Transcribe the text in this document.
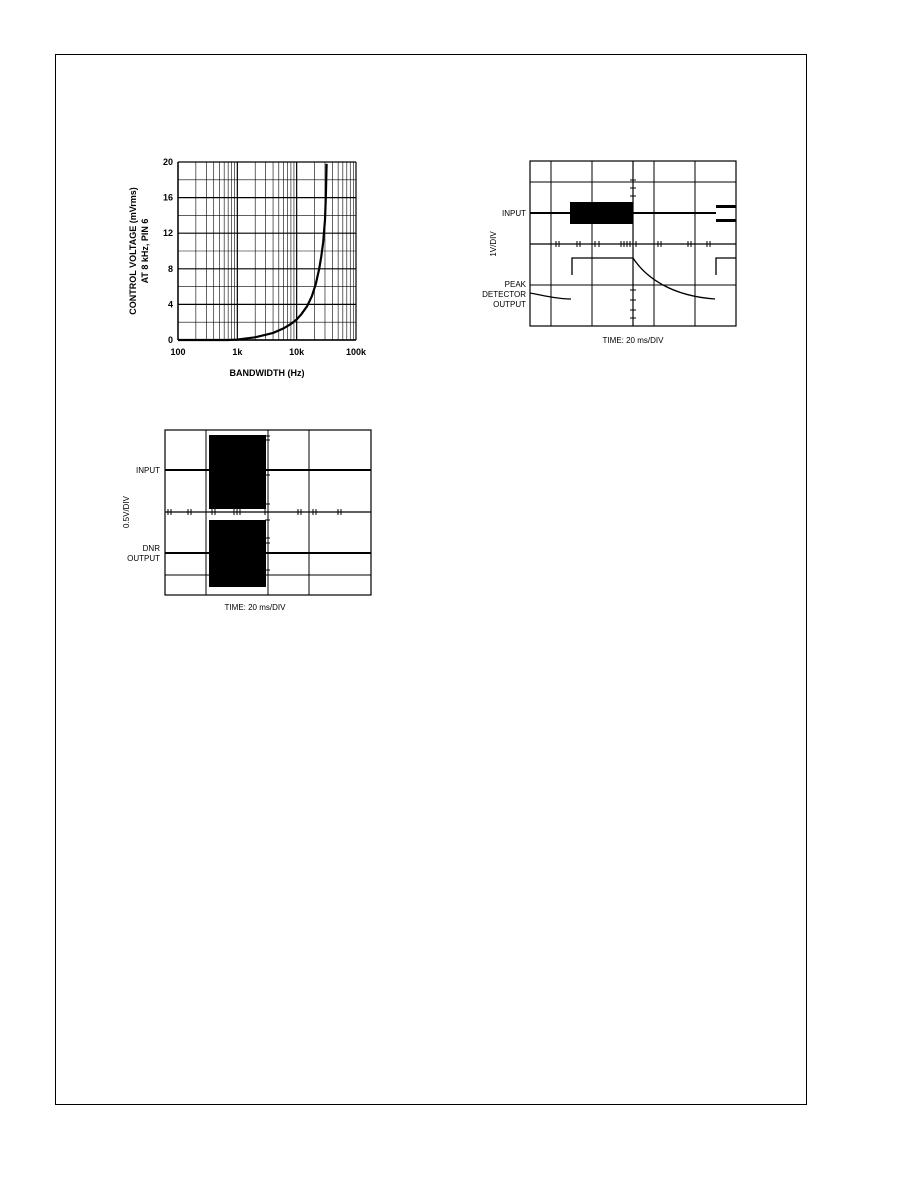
100	1k	10k	100k
0
4
8
12
16
20
BANDWIDTH (Hz)
CONTROL VOLTAGE (mVrms) AT 8 kHz, PIN 6
INPUT
PEAK
DETECTOR
OUTPUT
1V/DIV
TIME: 20 ms/DIV
INPUT
DNR
OUTPUT
0.5V/DIV
TIME: 20 ms/DIV
